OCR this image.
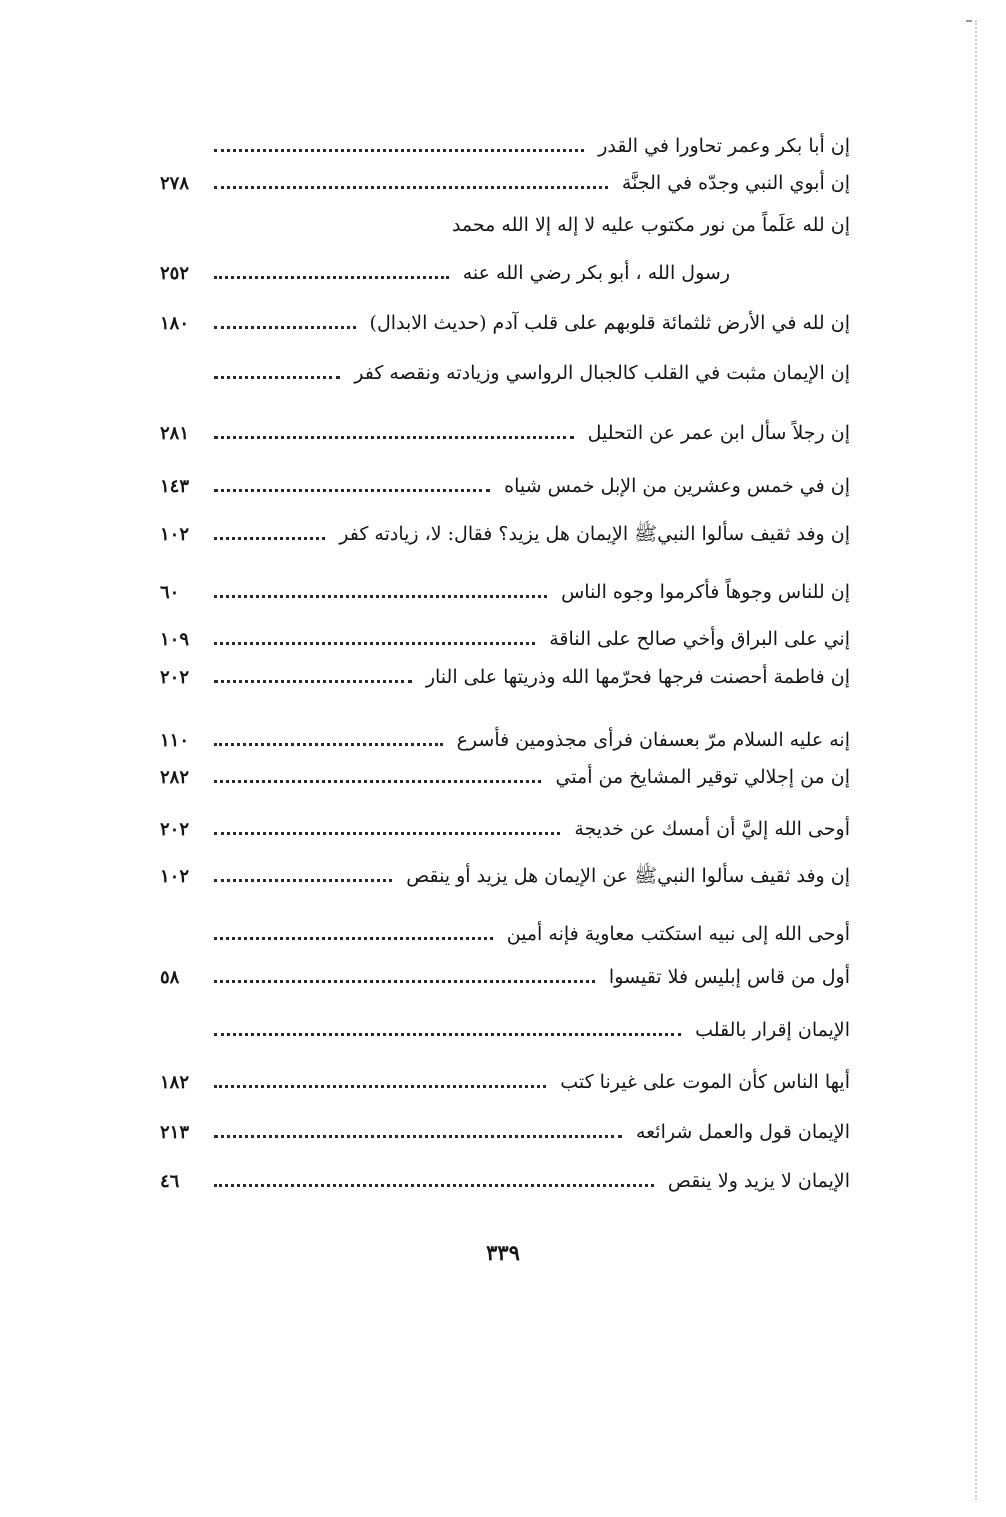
إن أبا بكر وعمر تحاورا في القدر
إن أبوي النبي وجدّه في الجنَّة
٢٧٨
إن لله عَلَماً من نور مكتوب عليه لا إله إلا الله محمد
رسول الله ، أبو بكر رضي الله عنه
٢٥٢
إن لله في الأرض ثلثمائة قلوبهم على قلب آدم (حديث الابدال)
١٨٠
إن الإيمان مثبت في القلب كالجبال الرواسي وزيادته ونقصه كفر
إن رجلاً سأل ابن عمر عن التحليل
٢٨١
إن في خمس وعشرين من الإبل خمس شياه
١٤٣
إن وفد ثقيف سألوا النبيﷺ الإيمان هل يزيد؟ فقال: لا، زيادته كفر
١٠٢
إن للناس وجوهاً فأكرموا وجوه الناس
٦٠
إني على البراق وأخي صالح على الناقة
١٠٩
إن فاطمة أحصنت فرجها فحرّمها الله وذريتها على النار
٢٠٢
إنه عليه السلام مرّ بعسفان فرأى مجذومين فأسرع
١١٠
إن من إجلالي توقير المشايخ من أمتي
٢٨٢
أوحى الله إليَّ أن أمسك عن خديجة
٢٠٢
إن وفد ثقيف سألوا النبيﷺ عن الإيمان هل يزيد أو ينقص
١٠٢
أوحى الله إلى نبيه استكتب معاوية فإنه أمين
أول من قاس إبليس فلا تقيسوا
٥٨
الإيمان إقرار بالقلب
أيها الناس كأن الموت على غيرنا كتب
١٨٢
الإيمان قول والعمل شرائعه
٢١٣
الإيمان لا يزيد ولا ينقص
٤٦
٣٣٩
